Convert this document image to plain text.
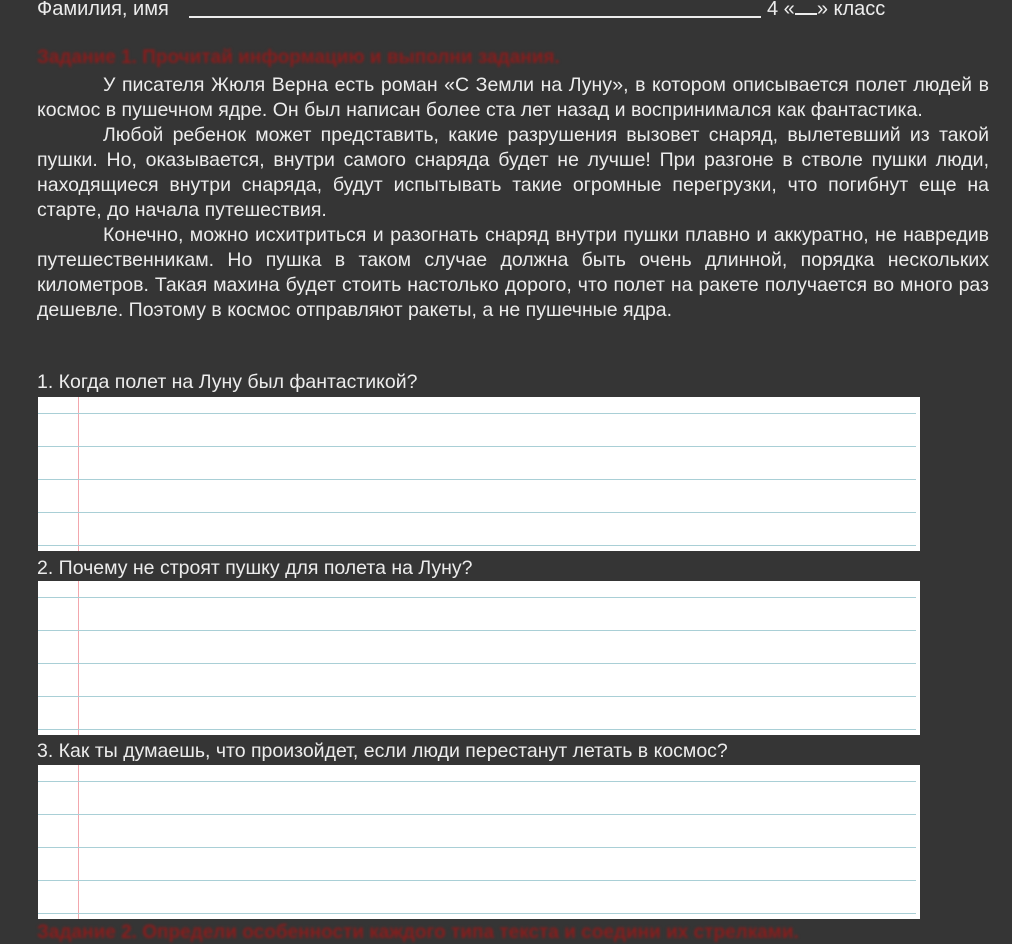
Фамилия, имя	4 « » класс
Задание 1. Прочитай информацию и выполни задания.

У писателя Жюля Верна есть роман «С Земли на Луну», в котором описывается полет людей в космос в пушечном ядре. Он был написан более ста лет назад и воспринимался как фантастика.

Любой ребенок может представить, какие разрушения вызовет снаряд, вылетевший из такой пушки. Но, оказывается, внутри самого снаряда будет не лучше! При разгоне в стволе пушки люди, находящиеся внутри снаряда, будут испытывать такие огромные перегрузки, что погибнут еще на старте, до начала путешествия.

Конечно, можно исхитриться и разогнать снаряд внутри пушки плавно и аккуратно, не навредив путешественникам. Но пушка в таком случае должна быть очень длинной, порядка нескольких километров. Такая махина будет стоить настолько дорого, что полет на ракете получается во много раз дешевле. Поэтому в космос отправляют ракеты, а не пушечные ядра.

1. Когда полет на Луну был фантастикой?
2. Почему не строят пушку для полета на Луну?
3. Как ты думаешь, что произойдет, если люди перестанут летать в космос?
Задание 2. Определи особенности каждого типа текста и соедини их стрелками.
